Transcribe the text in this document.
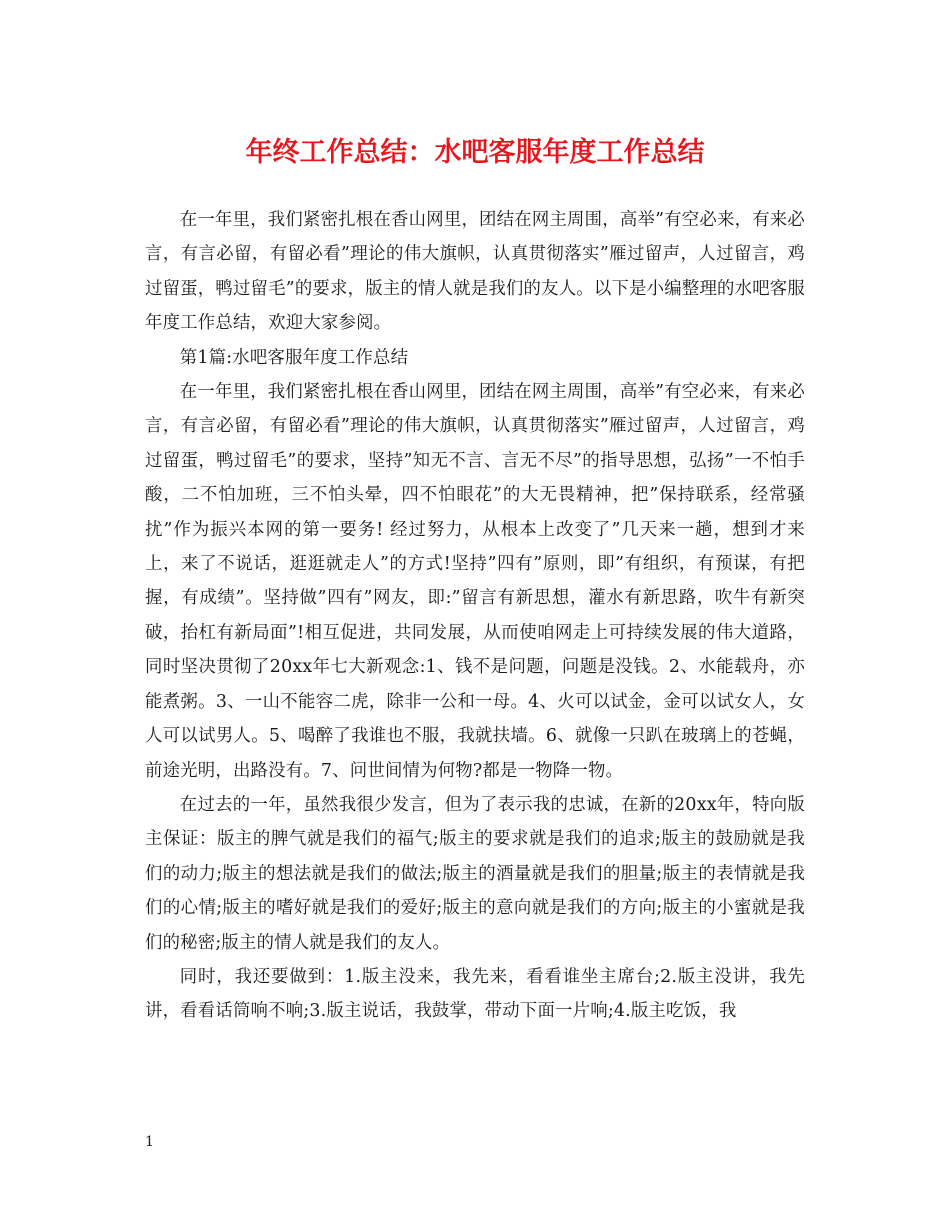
年终工作总结：水吧客服年度工作总结

在一年里，我们紧密扎根在香山网里，团结在网主周围，高举”有空必来，有来必言，有言必留，有留必看”理论的伟大旗帜，认真贯彻落实”雁过留声，人过留言，鸡过留蛋，鸭过留毛”的要求，版主的情人就是我们的友人。以下是小编整理的水吧客服年度工作总结，欢迎大家参阅。

第1篇:水吧客服年度工作总结

在一年里，我们紧密扎根在香山网里，团结在网主周围，高举”有空必来，有来必言，有言必留，有留必看”理论的伟大旗帜，认真贯彻落实”雁过留声，人过留言，鸡过留蛋，鸭过留毛”的要求，坚持”知无不言、言无不尽”的指导思想，弘扬”一不怕手酸，二不怕加班，三不怕头晕，四不怕眼花”的大无畏精神，把”保持联系，经常骚扰”作为振兴本网的第一要务! 经过努力，从根本上改变了”几天来一趟，想到才来上，来了不说话，逛逛就走人”的方式!坚持”四有”原则，即”有组织，有预谋，有把握，有成绩”。坚持做”四有”网友，即:”留言有新思想，灌水有新思路，吹牛有新突破，抬杠有新局面”!相互促进，共同发展，从而使咱网走上可持续发展的伟大道路，同时坚决贯彻了20xx年七大新观念:1、钱不是问题，问题是没钱。2、水能载舟，亦能煮粥。3、一山不能容二虎，除非一公和一母。4、火可以试金，金可以试女人，女人可以试男人。5、喝醉了我谁也不服，我就扶墙。6、就像一只趴在玻璃上的苍蝇，前途光明，出路没有。7、问世间情为何物?都是一物降一物。

在过去的一年，虽然我很少发言，但为了表示我的忠诚，在新的20xx年，特向版主保证：版主的脾气就是我们的福气;版主的要求就是我们的追求;版主的鼓励就是我们的动力;版主的想法就是我们的做法;版主的酒量就是我们的胆量;版主的表情就是我们的心情;版主的嗜好就是我们的爱好;版主的意向就是我们的方向;版主的小蜜就是我们的秘密;版主的情人就是我们的友人。

同时，我还要做到：1.版主没来，我先来，看看谁坐主席台;2.版主没讲，我先讲，看看话筒响不响;3.版主说话，我鼓掌，带动下面一片响;4.版主吃饭，我

1
